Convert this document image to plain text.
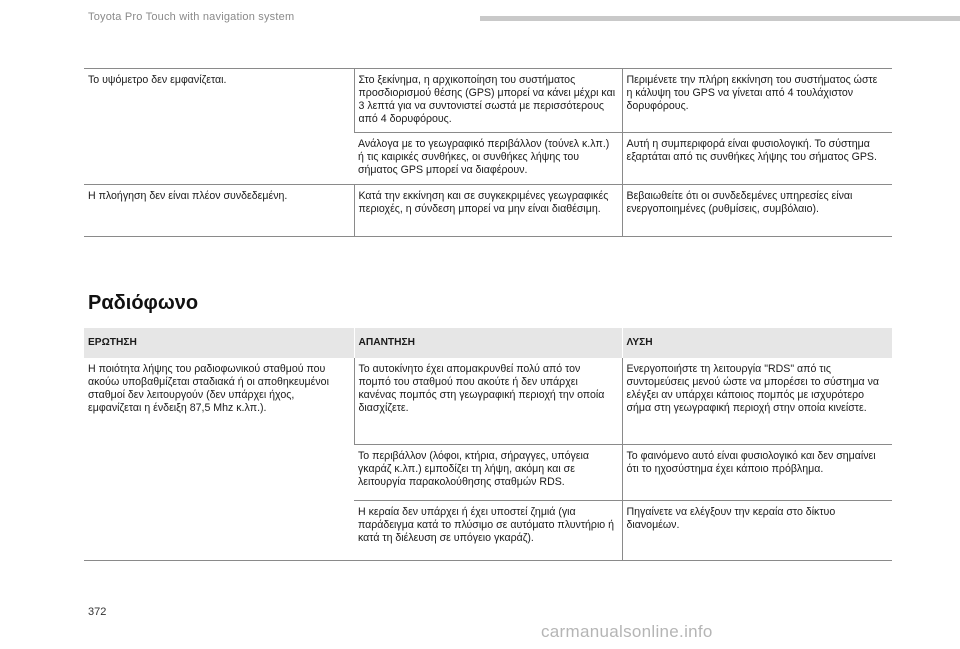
Toyota Pro Touch with navigation system
Το υψόμετρο δεν εμφανίζεται.	Στο ξεκίνημα, η αρχικοποίηση του συστήματος προσδιορισμού θέσης (GPS) μπορεί να κάνει μέχρι και 3 λεπτά για να συντονιστεί σωστά με περισσότερους από 4 δορυφόρους.	Περιμένετε την πλήρη εκκίνηση του συστήματος ώστε η κάλυψη του GPS να γίνεται από 4 τουλάχιστον δορυφόρους.
	Ανάλογα με το γεωγραφικό περιβάλλον (τούνελ κ.λπ.) ή τις καιρικές συνθήκες, οι συνθήκες λήψης του σήματος GPS μπορεί να διαφέρουν.	Αυτή η συμπεριφορά είναι φυσιολογική. Το σύστημα εξαρτάται από τις συνθήκες λήψης του σήματος GPS.
Η πλοήγηση δεν είναι πλέον συνδεδεμένη.	Κατά την εκκίνηση και σε συγκεκριμένες γεωγραφικές περιοχές, η σύνδεση μπορεί να μην είναι διαθέσιμη.	Βεβαιωθείτε ότι οι συνδεδεμένες υπηρεσίες είναι ενεργοποιημένες (ρυθμίσεις, συμβόλαιο).
Ραδιόφωνο
ΕΡΩΤΗΣΗ	ΑΠΑΝΤΗΣΗ	ΛΥΣΗ
Η ποιότητα λήψης του ραδιοφωνικού σταθμού που ακούω υποβαθμίζεται σταδιακά ή οι αποθηκευμένοι σταθμοί δεν λειτουργούν (δεν υπάρχει ήχος, εμφανίζεται η ένδειξη 87,5 Mhz κ.λπ.).	Το αυτοκίνητο έχει απομακρυνθεί πολύ από τον πομπό του σταθμού που ακούτε ή δεν υπάρχει κανένας πομπός στη γεωγραφική περιοχή την οποία διασχίζετε.	Ενεργοποιήστε τη λειτουργία "RDS" από τις συντομεύσεις μενού ώστε να μπορέσει το σύστημα να ελέγξει αν υπάρχει κάποιος πομπός με ισχυρότερο σήμα στη γεωγραφική περιοχή στην οποία κινείστε.
	Το περιβάλλον (λόφοι, κτήρια, σήραγγες, υπόγεια γκαράζ κ.λπ.) εμποδίζει τη λήψη, ακόμη και σε λειτουργία παρακολούθησης σταθμών RDS.	Το φαινόμενο αυτό είναι φυσιολογικό και δεν σημαίνει ότι το ηχοσύστημα έχει κάποιο πρόβλημα.
	Η κεραία δεν υπάρχει ή έχει υποστεί ζημιά (για παράδειγμα κατά το πλύσιμο σε αυτόματο πλυντήριο ή κατά τη διέλευση σε υπόγειο γκαράζ).	Πηγαίνετε να ελέγξουν την κεραία στο δίκτυο διανομέων.
372
carmanualsonline.info
